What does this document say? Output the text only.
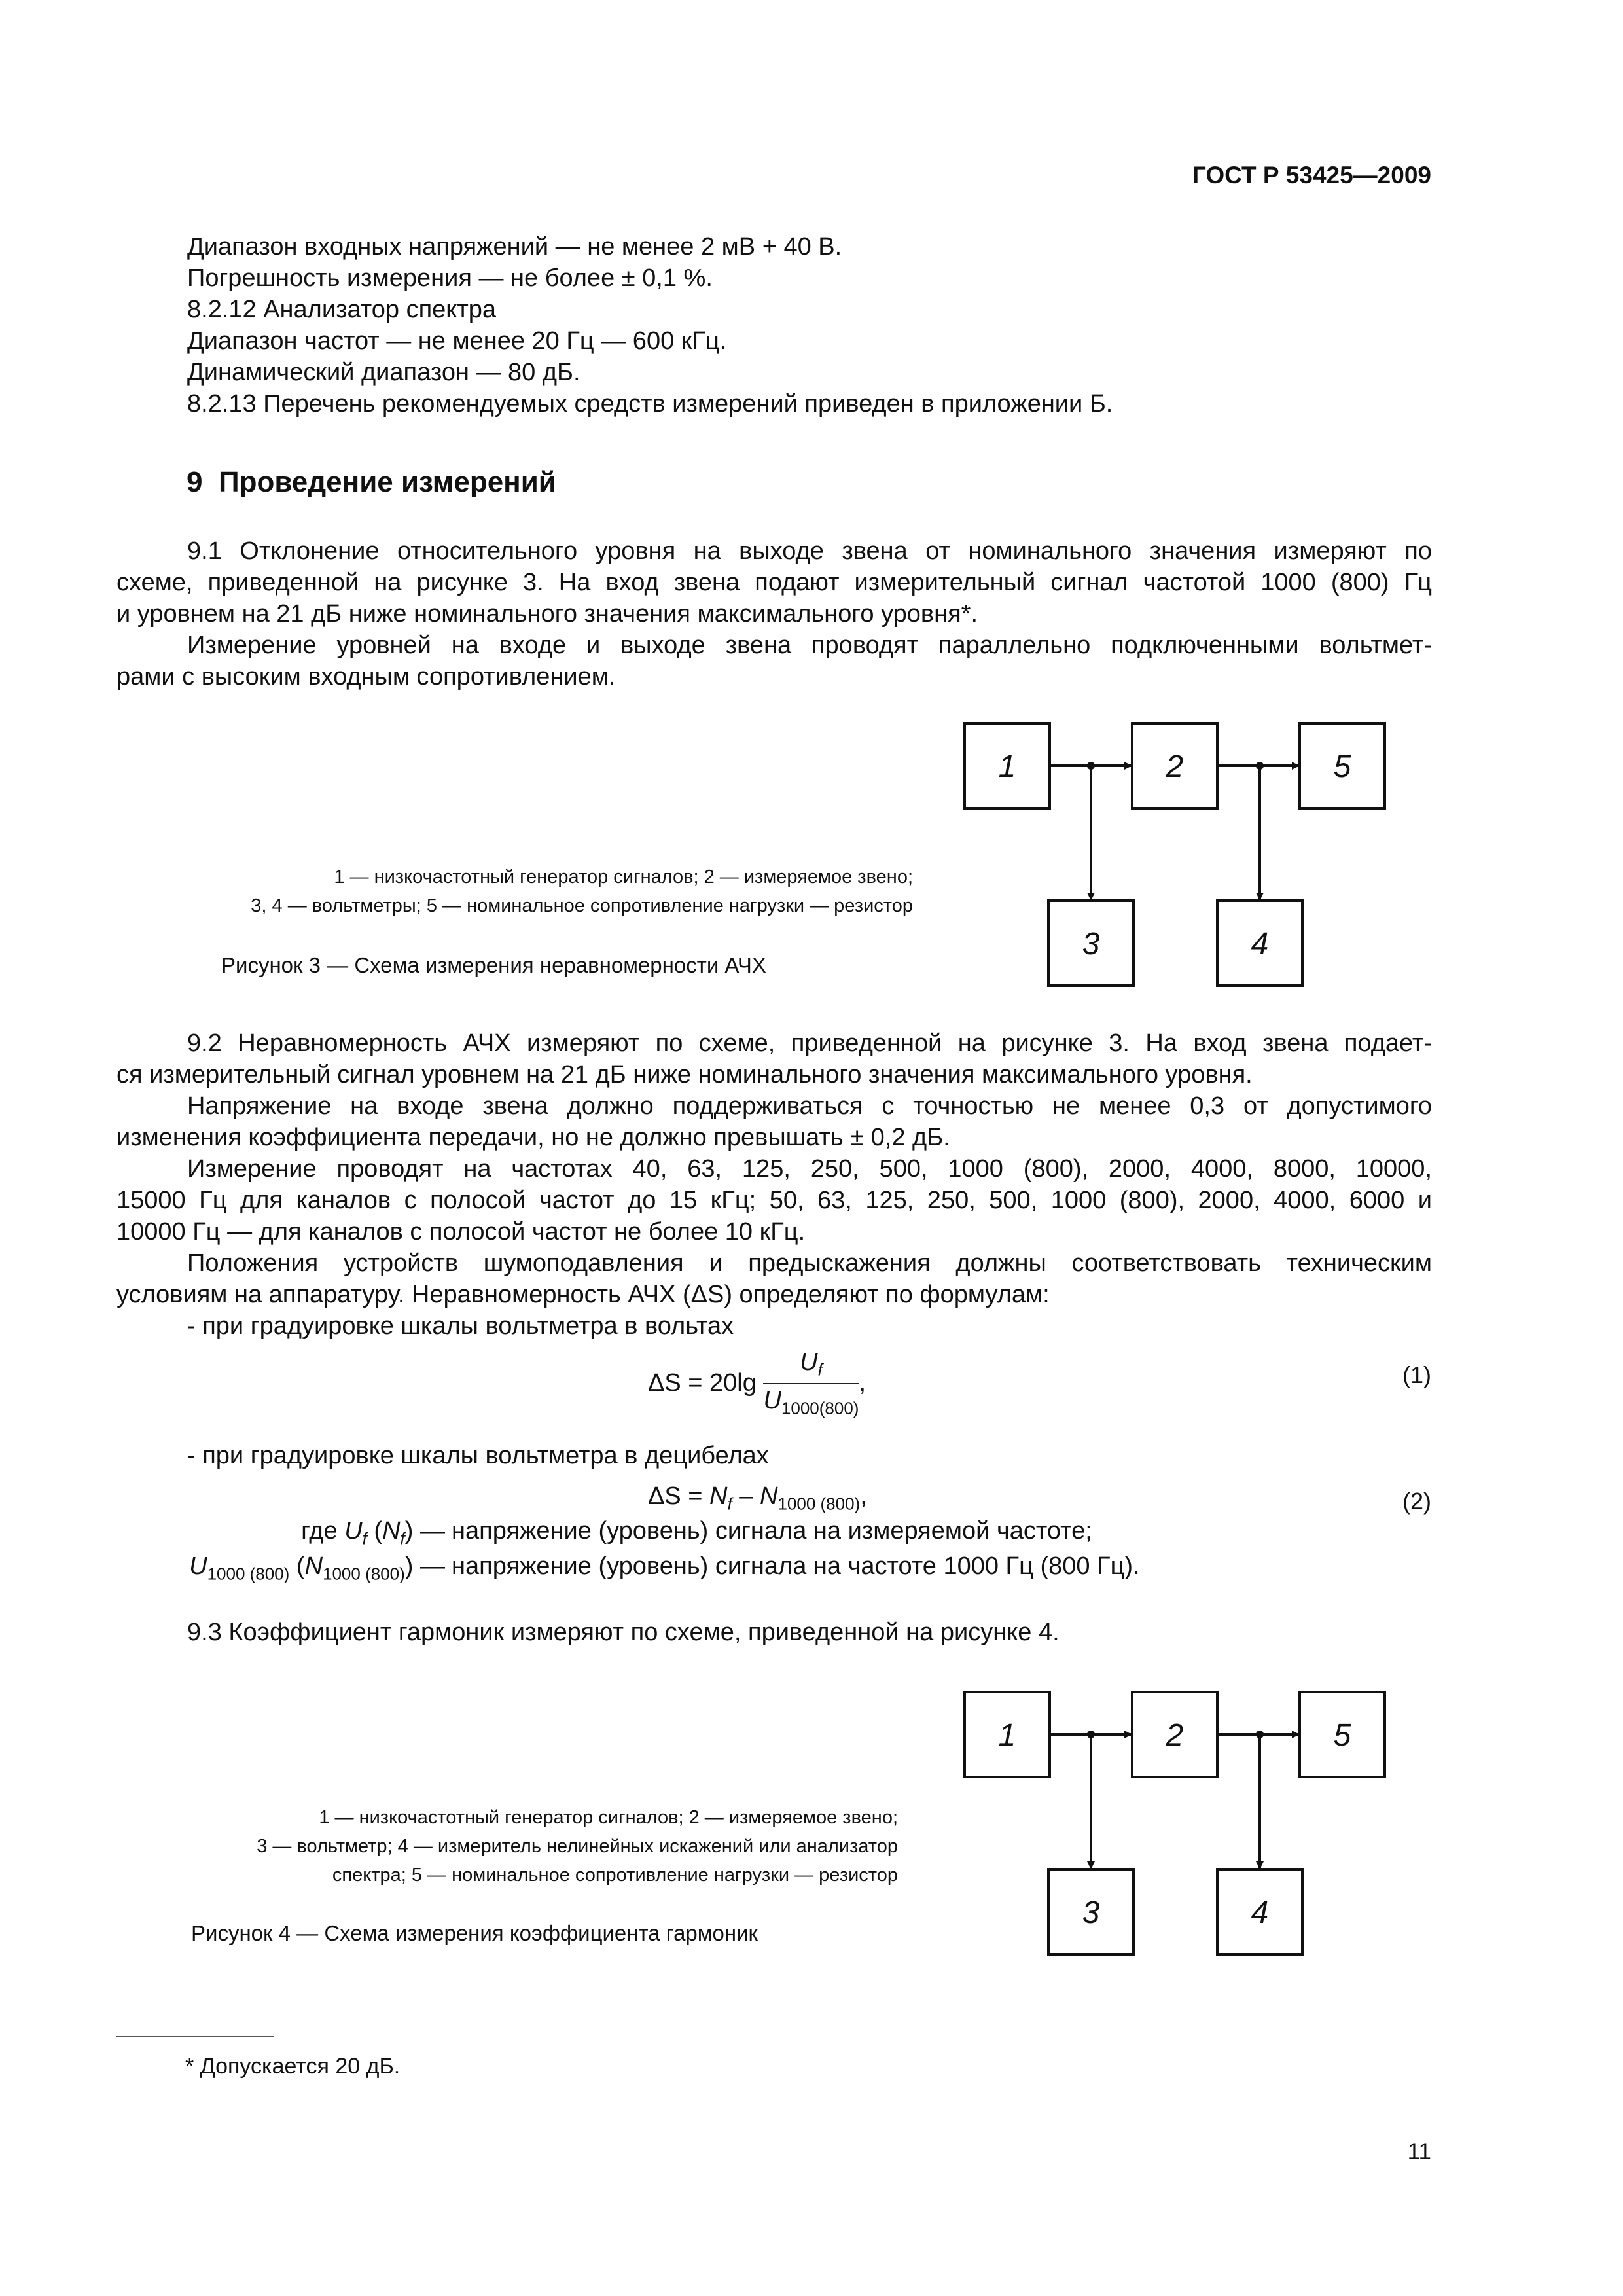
ГОСТ Р 53425—2009
Диапазон входных напряжений — не менее 2 мВ + 40 В.
Погрешность измерения — не более ± 0,1 %.
8.2.12 Анализатор спектра
Диапазон частот — не менее 20 Гц — 600 кГц.
Динамический диапазон — 80 дБ.
8.2.13 Перечень рекомендуемых средств измерений приведен в приложении Б.
9 Проведение измерений
9.1 Отклонение относительного уровня на выходе звена от номинального значения измеряют по
схеме, приведенной на рисунке 3. На вход звена подают измерительный сигнал частотой 1000 (800) Гц
и уровнем на 21 дБ ниже номинального значения максимального уровня*.
Измерение уровней на входе и выходе звена проводят параллельно подключенными вольтмет-
рами с высоким входным сопротивлением.
1 — низкочастотный генератор сигналов; 2 — измеряемое звено;
3, 4 — вольтметры; 5 — номинальное сопротивление нагрузки — резистор
Рисунок 3 — Схема измерения неравномерности АЧХ
1	2	5
3	4
9.2 Неравномерность АЧХ измеряют по схеме, приведенной на рисунке 3. На вход звена подает-
ся измерительный сигнал уровнем на 21 дБ ниже номинального значения максимального уровня.
Напряжение на входе звена должно поддерживаться с точностью не менее 0,3 от допустимого
изменения коэффициента передачи, но не должно превышать ± 0,2 дБ.
Измерение проводят на частотах 40, 63, 125, 250, 500, 1000 (800), 2000, 4000, 8000, 10000,
15000 Гц для каналов с полосой частот до 15 кГц; 50, 63, 125, 250, 500, 1000 (800), 2000, 4000, 6000 и
10000 Гц — для каналов с полосой частот не более 10 кГц.
Положения устройств шумоподавления и предыскажения должны соответствовать техническим
условиям на аппаратуру. Неравномерность АЧХ (ΔS) определяют по формулам:
- при градуировке шкалы вольтметра в вольтах
$\Delta S = 20\lg \frac{U_f}{U_{1000(800)}}$ ,	(1)
- при градуировке шкалы вольтметра в децибелах
$\Delta S = N_f - N_{1000 (800)}$,	(2)
где $U_f$ $(N_f)$ — напряжение (уровень) сигнала на измеряемой частоте;
$U_{1000 (800)}$ $(N_{1000 (800)})$ — напряжение (уровень) сигнала на частоте 1000 Гц (800 Гц).
9.3 Коэффициент гармоник измеряют по схеме, приведенной на рисунке 4.
1 — низкочастотный генератор сигналов; 2 — измеряемое звено;
3 — вольтметр; 4 — измеритель нелинейных искажений или анализатор
спектра; 5 — номинальное сопротивление нагрузки — резистор
Рисунок 4 — Схема измерения коэффициента гармоник
1	2	5
3	4
* Допускается 20 дБ.
11
